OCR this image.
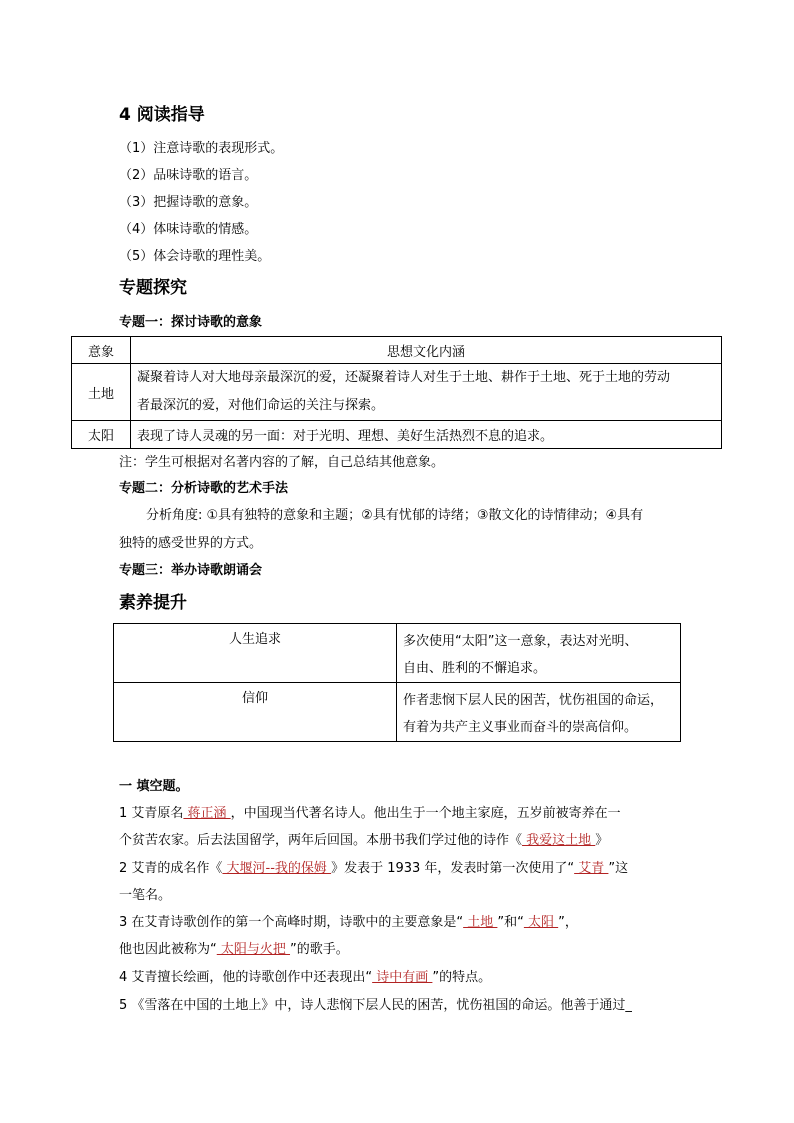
4 阅读指导
（1）注意诗歌的表现形式。
（2）品味诗歌的语言。
（3）把握诗歌的意象。
（4）体味诗歌的情感。
（5）体会诗歌的理性美。
专题探究
专题一：探讨诗歌的意象
意象	思想文化内涵
土地	凝聚着诗人对大地母亲最深沉的爱，还凝聚着诗人对生于土地、耕作于土地、死于土地的劳动
者最深沉的爱，对他们命运的关注与探索。

太阳	表现了诗人灵魂的另一面：对于光明、理想、美好生活热烈不息的追求。
注：学生可根据对名著内容的了解，自己总结其他意象。
专题二：分析诗歌的艺术手法
分析角度: ①具有独特的意象和主题；②具有忧郁的诗绪；③散文化的诗情律动；④具有
独特的感受世界的方式。
专题三：举办诗歌朗诵会
素养提升
人生追求	多次使用“太阳”这一意象，表达对光明、
自由、胜利的不懈追求。

信仰	作者悲悯下层人民的困苦，忧伤祖国的命运，
有着为共产主义事业而奋斗的崇高信仰。
一 填空题。
1 艾青原名 蒋正涵 ，中国现当代著名诗人。他出生于一个地主家庭，五岁前被寄养在一
个贫苦农家。后去法国留学，两年后回国。本册书我们学过他的诗作《 我爱这土地 》
2 艾青的成名作《 大堰河--我的保姆 》发表于 1933 年，发表时第一次使用了“ 艾青 ”这
一笔名。
3 在艾青诗歌创作的第一个高峰时期，诗歌中的主要意象是“ 土地 ”和“ 太阳 ”，
他也因此被称为“ 太阳与火把 ”的歌手。
4 艾青擅长绘画，他的诗歌创作中还表现出“ 诗中有画 ”的特点。
5 《雪落在中国的土地上》中，诗人悲悯下层人民的困苦，忧伤祖国的命运。他善于通过_
